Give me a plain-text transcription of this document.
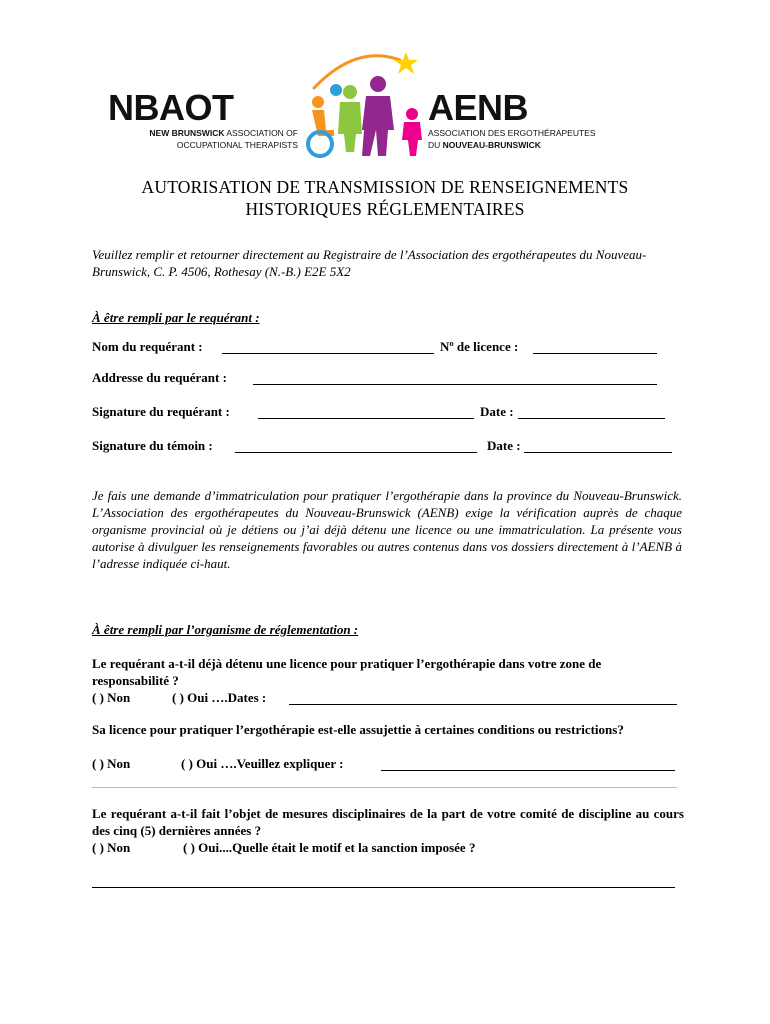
NBAOT
NEW BRUNSWICK ASSOCIATION OF
OCCUPATIONAL THERAPISTS
AENB
ASSOCIATION DES ERGOTHÉRAPEUTES
DU NOUVEAU-BRUNSWICK
AUTORISATION DE TRANSMISSION DE RENSEIGNEMENTS
HISTORIQUES RÉGLEMENTAIRES
Veuillez remplir et retourner directement au Registraire de l’Association des ergothérapeutes du Nouveau-Brunswick, C. P. 4506, Rothesay (N.-B.) E2E 5X2
À être rempli par le requérant :
Nom du requérant :	Nº de licence :
Addresse du requérant :
Signature du requérant :	Date :
Signature du témoin :	Date :
Je fais une demande d’immatriculation pour pratiquer l’ergothérapie dans la province du Nouveau-Brunswick. L’Association des ergothérapeutes du Nouveau-Brunswick (AENB) exige la vérification auprès de chaque organisme provincial où je détiens ou j’ai déjà détenu une licence ou une immatriculation. La présente vous autorise à divulguer les renseignements favorables ou autres contenus dans vos dossiers directement à l’AENB à l’adresse indiquée ci-haut.
À être rempli par l’organisme de réglementation :
Le requérant a-t-il déjà détenu une licence pour pratiquer l’ergothérapie dans votre zone de responsabilité ?
( ) Non	( ) Oui ….Dates :
Sa licence pour pratiquer l’ergothérapie est-elle assujettie à certaines conditions ou restrictions?
( ) Non	( ) Oui ….Veuillez expliquer :
Le requérant a-t-il fait l’objet de mesures disciplinaires de la part de votre comité de discipline au cours des cinq (5) dernières années ?
( ) Non	( ) Oui....Quelle était le motif et la sanction imposée ?
